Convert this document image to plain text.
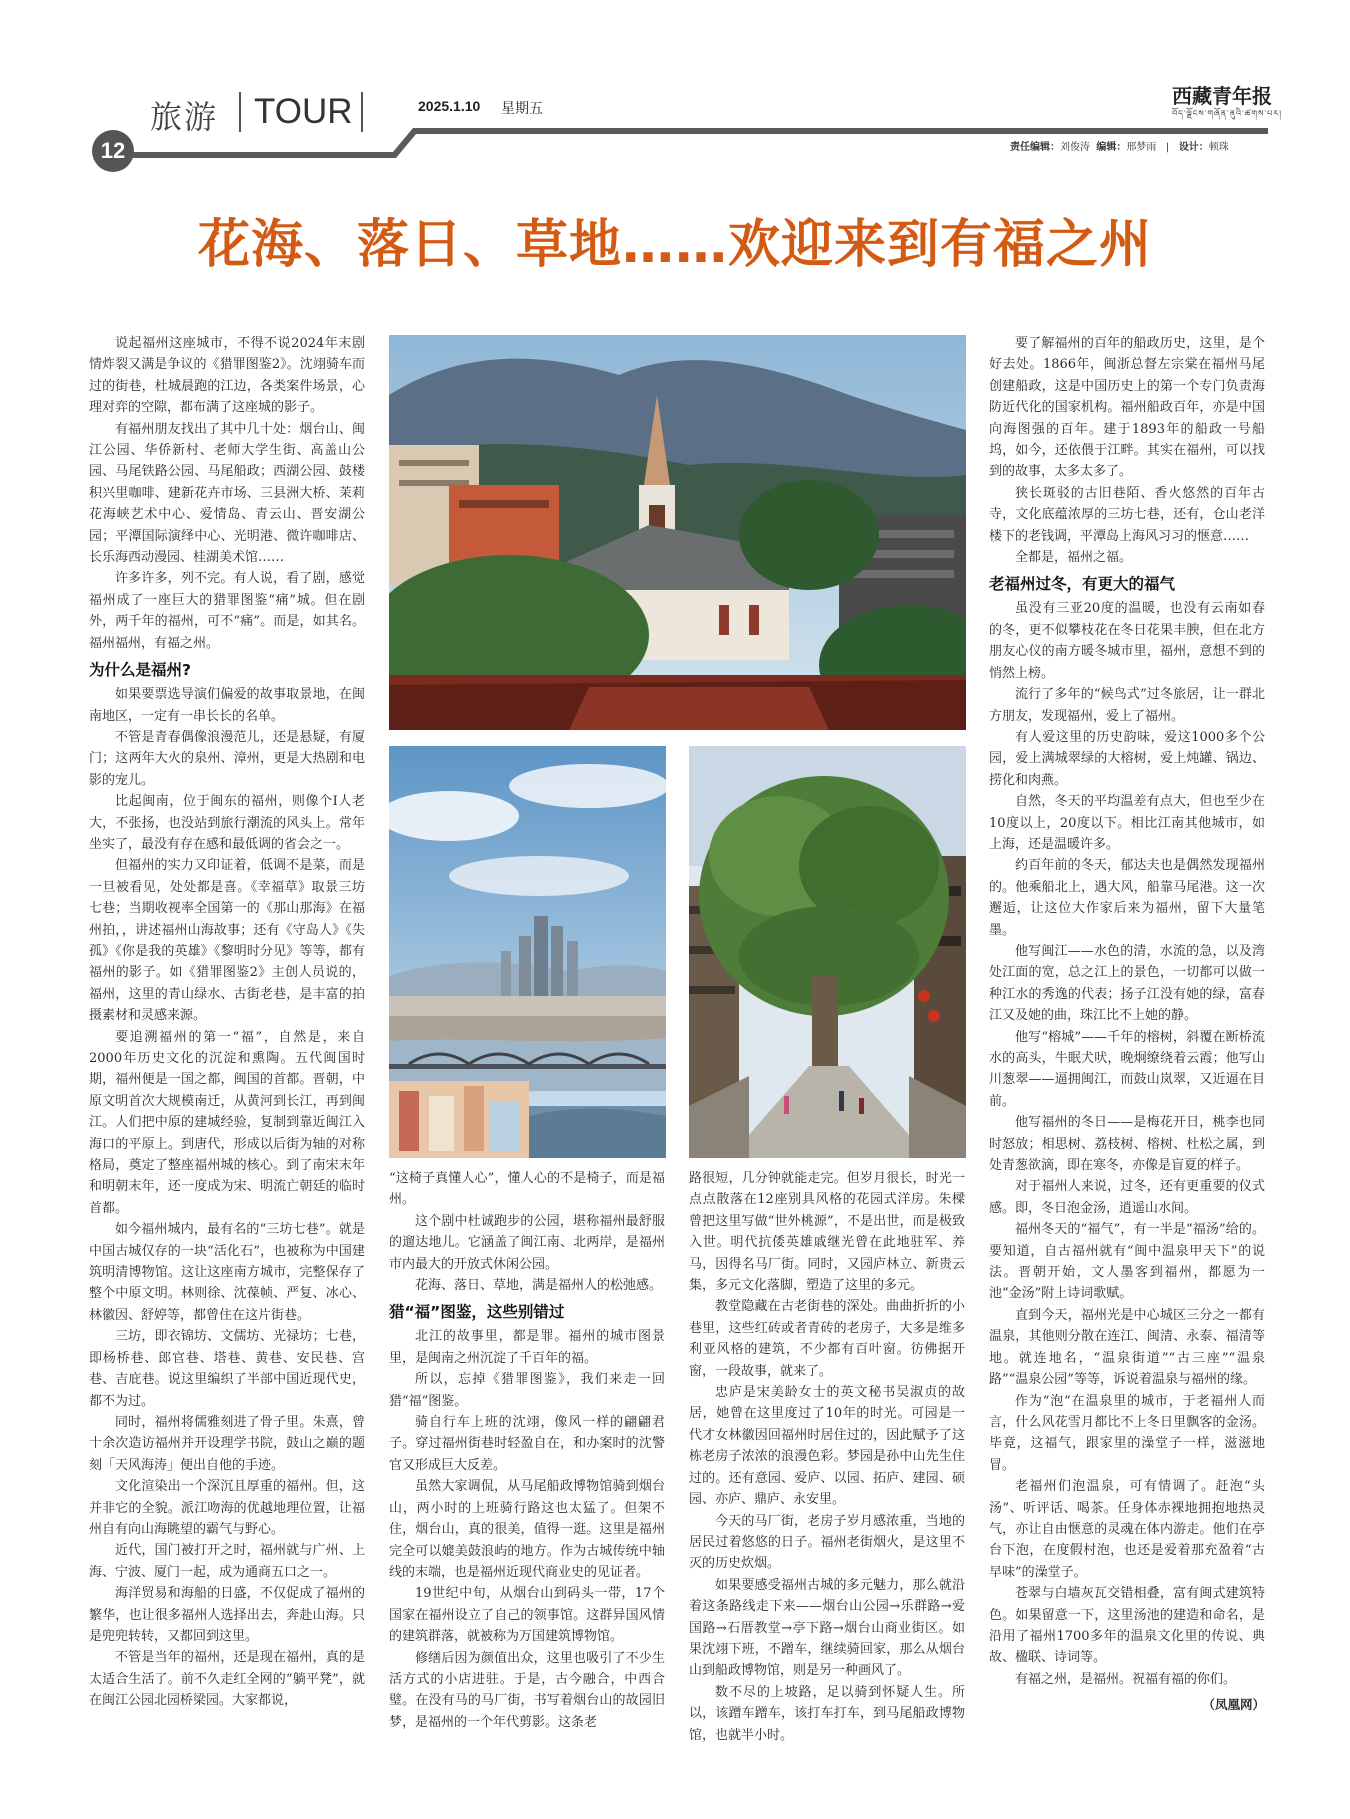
旅游 TOUR	2025.1.10 星期五
西藏青年报
བོད་ལྗོངས་གཞོན་ནུའི་ཚགས་པར།
12	责任编辑：刘俊涛 编辑：邢梦雨   |   设计：顿珠
花海、落日、草地……欢迎来到有福之州

说起福州这座城市，不得不说2024年末剧情炸裂又满是争议的《猎罪图鉴2》。沈翊骑车而过的街巷，杜城晨跑的江边，各类案件场景，心理对弈的空隙，都布满了这座城的影子。

有福州朋友找出了其中几十处：烟台山、闽江公园、华侨新村、老师大学生街、高盖山公园、马尾铁路公园、马尾船政；西湖公园、鼓楼积兴里咖啡、建新花卉市场、三县洲大桥、茉莉花海峡艺术中心、爱情岛、青云山、晋安湖公园；平潭国际演绎中心、光明港、微许咖啡店、长乐海西动漫园、桂湖美术馆……

许多许多，列不完。有人说，看了剧，感觉福州成了一座巨大的猎罪图鉴“痛”城。但在剧外，两千年的福州，可不“痛”。而是，如其名。福州福州，有福之州。

为什么是福州?

如果要票选导演们偏爱的故事取景地，在闽南地区，一定有一串长长的名单。

不管是青春偶像浪漫范儿，还是悬疑，有厦门；这两年大火的泉州、漳州，更是大热剧和电影的宠儿。

比起闽南，位于闽东的福州，则像个I人老大，不张扬，也没站到旅行潮流的风头上。常年坐实了，最没有存在感和最低调的省会之一。

但福州的实力又印证着，低调不是菜，而是一旦被看见，处处都是喜。《幸福草》取景三坊七巷；当期收视率全国第一的《那山那海》在福州拍，，讲述福州山海故事；还有《守岛人》《失孤》《你是我的英雄》《黎明时分见》等等，都有福州的影子。如《猎罪图鉴2》主创人员说的，福州，这里的青山绿水、古街老巷，是丰富的拍摄素材和灵感来源。

要追溯福州的第一“福”，自然是，来自2000年历史文化的沉淀和熏陶。五代闽国时期，福州便是一国之都，闽国的首都。晋朝，中原文明首次大规模南迁，从黄河到长江，再到闽江。人们把中原的建城经验，复制到靠近闽江入海口的平原上。到唐代，形成以后街为轴的对称格局，奠定了整座福州城的核心。到了南宋末年和明朝末年，还一度成为宋、明流亡朝廷的临时首都。

如今福州城内，最有名的“三坊七巷”。就是中国古城仅存的一块“活化石”，也被称为中国建筑明清博物馆。这让这座南方城市，完整保存了整个中原文明。林则徐、沈葆帧、严复、冰心、林徽因、舒婷等，都曾住在这片街巷。

三坊，即衣锦坊、文儒坊、光禄坊；七巷，即杨桥巷、郎官巷、塔巷、黄巷、安民巷、宫巷、吉庇巷。说这里编织了半部中国近现代史，都不为过。

同时，福州将儒雅刻进了骨子里。朱熹，曾十余次造访福州并开设理学书院，鼓山之巅的题刻「天风海涛」便出自他的手迹。

文化渲染出一个深沉且厚重的福州。但，这并非它的全貌。派江吻海的优越地理位置，让福州自有向山海眺望的霸气与野心。

近代，国门被打开之时，福州就与广州、上海、宁波、厦门一起，成为通商五口之一。

海洋贸易和海船的日盛，不仅促成了福州的繁华，也让很多福州人选择出去，奔赴山海。只是兜兜转转，又都回到这里。

不管是当年的福州，还是现在福州，真的是太适合生活了。前不久走红全网的“躺平凳”，就在闽江公园北园桥梁园。大家都说，

“这椅子真懂人心”，懂人心的不是椅子，而是福州。

这个剧中杜诚跑步的公园，堪称福州最舒服的遛达地儿。它涵盖了闽江南、北两岸，是福州市内最大的开放式休闲公园。

花海、落日、草地，满是福州人的松弛感。

猎“福”图鉴，这些别错过

北江的故事里，都是罪。福州的城市图景里，是闽南之州沉淀了千百年的福。

所以，忘掉《猎罪图鉴》，我们来走一回猎“福”图鉴。

骑自行车上班的沈翊，像风一样的翩翩君子。穿过福州街巷时轻盈自在，和办案时的沈警官又形成巨大反差。

虽然大家调侃，从马尾船政博物馆骑到烟台山，两小时的上班骑行路这也太猛了。但架不住，烟台山，真的很美，值得一逛。这里是福州完全可以媲美鼓浪屿的地方。作为古城传统中轴线的末端，也是福州近现代商业史的见证者。

19世纪中旬，从烟台山到码头一带，17个国家在福州设立了自己的领事馆。这群异国风情的建筑群落，就被称为万国建筑博物馆。

修缮后因为颜值出众，这里也吸引了不少生活方式的小店进驻。于是，古今融合，中西合璧。在没有马的马厂街，书写着烟台山的故园旧梦，是福州的一个年代剪影。这条老

路很短，几分钟就能走完。但岁月很长，时光一点点散落在12座别具风格的花园式洋房。朱樑曾把这里写做“世外桃源”，不是出世，而是极致入世。明代抗倭英雄戚继光曾在此地驻军、养马，因得名马厂街。同时，又园庐林立、新贵云集，多元文化落脚，塑造了这里的多元。

教堂隐藏在古老街巷的深处。曲曲折折的小巷里，这些红砖或者青砖的老房子，大多是维多利亚风格的建筑，不少都有百叶窗。彷佛据开窗，一段故事，就来了。

忠庐是宋美龄女士的英文秘书吴淑贞的故居，她曾在这里度过了10年的时光。可园是一代才女林徽因回福州时居住过的，因此赋予了这栋老房子浓浓的浪漫色彩。梦园是孙中山先生住过的。还有意园、爱庐、以园、拓庐、建园、硕园、亦庐、鼎庐、永安里。

今天的马厂街，老房子岁月感浓重，当地的居民过着悠悠的日子。福州老街烟火，是这里不灭的历史炊烟。

如果要感受福州古城的多元魅力，那么就沿着这条路线走下来——烟台山公园→乐群路→爱国路→石厝教堂→亭下路→烟台山商业街区。如果沈翊下班，不蹭车，继续骑回家，那么从烟台山到船政博物馆，则是另一种画风了。

数不尽的上坡路，足以骑到怀疑人生。所以，该蹭车蹭车，该打车打车，到马尾船政博物馆，也就半小时。

要了解福州的百年的船政历史，这里，是个好去处。1866年，闽浙总督左宗棠在福州马尾创建船政，这是中国历史上的第一个专门负责海防近代化的国家机构。福州船政百年，亦是中国向海图强的百年。建于1893年的船政一号船坞，如今，还依偎于江畔。其实在福州，可以找到的故事，太多太多了。

狭长斑驳的古旧巷陌、香火悠然的百年古寺，文化底蕴浓厚的三坊七巷，还有，仓山老洋楼下的老钱调，平潭岛上海风习习的惬意……

全都是，福州之福。

老福州过冬，有更大的福气

虽没有三亚20度的温暖，也没有云南如春的冬，更不似攀枝花在冬日花果丰腴，但在北方朋友心仪的南方暖冬城市里，福州，意想不到的悄然上榜。

流行了多年的“候鸟式”过冬旅居，让一群北方朋友，发现福州，爱上了福州。

有人爱这里的历史韵味，爱这1000多个公园，爱上满城翠绿的大榕树，爱上炖罐、锅边、捞化和肉燕。

自然，冬天的平均温差有点大，但也至少在10度以上，20度以下。相比江南其他城市，如上海，还是温暖许多。

约百年前的冬天，郁达夫也是偶然发现福州的。他乘船北上，遇大风，船靠马尾港。这一次邂逅，让这位大作家后来为福州，留下大量笔墨。

他写闽江——水色的清，水流的急，以及湾处江面的宽，总之江上的景色，一切都可以做一种江水的秀逸的代表；扬子江没有她的绿，富春江又及她的曲，珠江比不上她的静。

他写“榕城”——千年的榕树，斜覆在断桥流水的高头，牛眠犬吠，晚炯缭绕着云霞；他写山川葱翠——逼拥闽江，而鼓山岚翠，又近逼在目前。

他写福州的冬日——是梅花开日，桃李也同时怒放；相思树、荔枝树、榕树、杜松之属，到处青葱欲滴，即在寒冬，亦像是盲夏的样子。

对于福州人来说，过冬，还有更重要的仪式感。即，冬日泡金汤，逍遥山水间。

福州冬天的“福气”，有一半是“福汤”给的。要知道，自古福州就有“闽中温泉甲天下”的说法。晋朝开始，文人墨客到福州，都愿为一池“金汤”附上诗词歌赋。

直到今天，福州光是中心城区三分之一都有温泉，其他则分散在连江、闽清、永泰、福清等地。就连地名，“温泉街道”“古三座”“温泉路”“温泉公园”等等，诉说着温泉与福州的缘。

作为“泡”在温泉里的城市，于老福州人而言，什么风花雪月都比不上冬日里飘客的金汤。毕竟，这福气，跟家里的澡堂子一样，滋滋地冒。

老福州们泡温泉，可有情调了。赶泡“头汤”、听评话、喝茶。任身体赤裸地拥抱地热灵气，亦让自由惬意的灵魂在体内游走。他们在亭台下泡，在度假村泡，也还是爱着那充盈着“古早味”的澡堂子。

苍翠与白墙灰瓦交错相叠，富有闽式建筑特色。如果留意一下，这里汤池的建造和命名，是沿用了福州1700多年的温泉文化里的传说、典故、楹联、诗词等。

有福之州，是福州。祝福有福的你们。

（凤凰网）
